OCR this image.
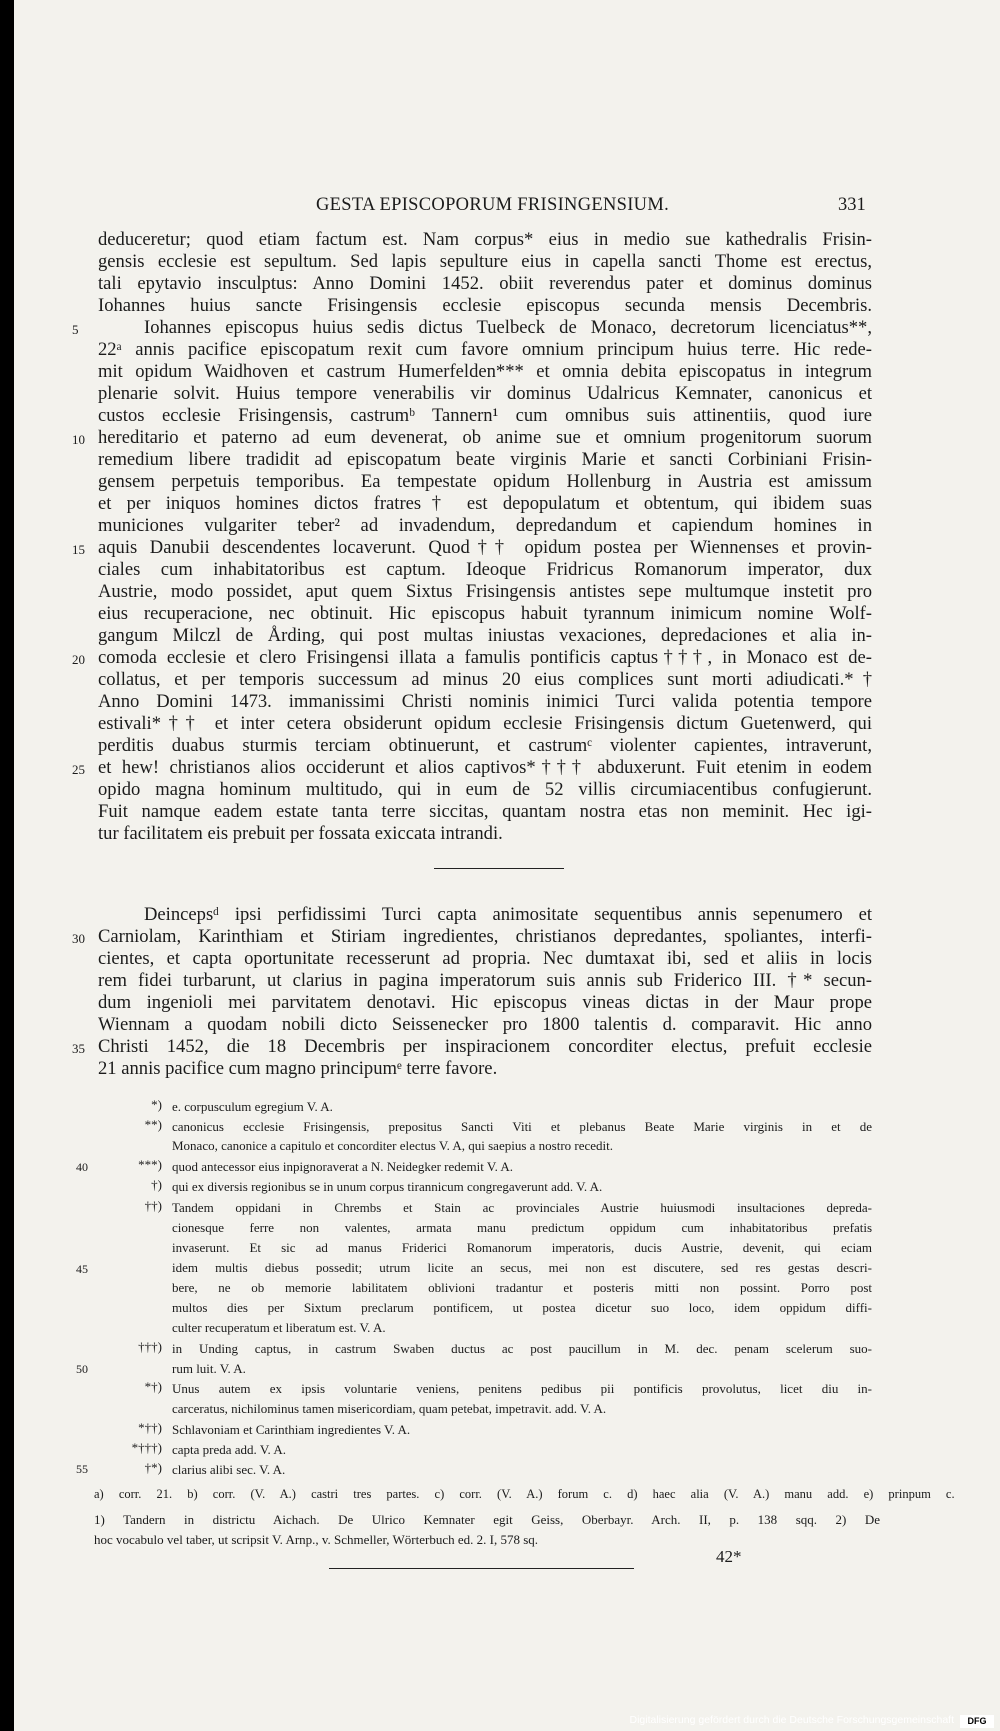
GESTA EPISCOPORUM FRISINGENSIUM.	331
deduceretur; quod etiam factum est. Nam corpus* eius in medio sue kathedralis Frisin-
gensis ecclesie est sepultum. Sed lapis sepulture eius in capella sancti Thome est erectus,
tali epytavio insculptus: Anno Domini 1452. obiit reverendus pater et dominus dominus
Iohannes huius sancte Frisingensis ecclesie episcopus secunda mensis Decembris.
Iohannes episcopus huius sedis dictus Tuelbeck de Monaco, decretorum licenciatus**,
22ᵃ annis pacifice episcopatum rexit cum favore omnium principum huius terre. Hic rede-
mit opidum Waidhoven et castrum Humerfelden*** et omnia debita episcopatus in integrum
plenarie solvit. Huius tempore venerabilis vir dominus Udalricus Kemnater, canonicus et
custos ecclesie Frisingensis, castrumᵇ Tannern¹ cum omnibus suis attinentiis, quod iure
hereditario et paterno ad eum devenerat, ob anime sue et omnium progenitorum suorum
remedium libere tradidit ad episcopatum beate virginis Marie et sancti Corbiniani Frisin-
gensem perpetuis temporibus. Ea tempestate opidum Hollenburg in Austria est amissum
et per iniquos homines dictos fratres† est depopulatum et obtentum, qui ibidem suas
municiones vulgariter teber² ad invadendum, depredandum et capiendum homines in
aquis Danubii descendentes locaverunt. Quod†† opidum postea per Wiennenses et provin-
ciales cum inhabitatoribus est captum. Ideoque Fridricus Romanorum imperator, dux
Austrie, modo possidet, aput quem Sixtus Frisingensis antistes sepe multumque instetit pro
eius recuperacione, nec obtinuit. Hic episcopus habuit tyrannum inimicum nomine Wolf-
gangum Milczl de Årding, qui post multas iniustas vexaciones, depredaciones et alia in-
comoda ecclesie et clero Frisingensi illata a famulis pontificis captus†††, in Monaco est de-
collatus, et per temporis successum ad minus 20 eius complices sunt morti adiudicati.*†
Anno Domini 1473. immanissimi Christi nominis inimici Turci valida potentia tempore
estivali*†† et inter cetera obsiderunt opidum ecclesie Frisingensis dictum Guetenwerd, qui
perditis duabus sturmis terciam obtinuerunt, et castrumᶜ violenter capientes, intraverunt,
et hew! christianos alios occiderunt et alios captivos*††† abduxerunt. Fuit etenim in eodem
opido magna hominum multitudo, qui in eum de 52 villis circumiacentibus confugierunt.
Fuit namque eadem estate tanta terre siccitas, quantam nostra etas non meminit. Hec igi-
tur facilitatem eis prebuit per fossata exiccata intrandi.
Deincepsᵈ ipsi perfidissimi Turci capta animositate sequentibus annis sepenumero et
Carniolam, Karinthiam et Stiriam ingredientes, christianos depredantes, spoliantes, interfi-
cientes, et capta oportunitate recesserunt ad propria. Nec dumtaxat ibi, sed et aliis in locis
rem fidei turbarunt, ut clarius in pagina imperatorum suis annis sub Friderico III. †* secun-
dum ingenioli mei parvitatem denotavi. Hic episcopus vineas dictas in der Maur prope
Wiennam a quodam nobili dicto Seissenecker pro 1800 talentis d. comparavit. Hic anno
Christi 1452, die 18 Decembris per inspiracionem concorditer electus, prefuit ecclesie
21 annis pacifice cum magno principumᵉ terre favore.
5
10
15
20
25
30
35
*) e. corpusculum egregium V. A.
**) canonicus ecclesie Frisingensis, prepositus Sancti Viti et plebanus Beate Marie virginis in et de
Monaco, canonice a capitulo et concorditer electus V. A, qui saepius a nostro recedit.
***) quod antecessor eius inpignoraverat a N. Neidegker redemit V. A.
†) qui ex diversis regionibus se in unum corpus tirannicum congregaverunt add. V. A.
††) Tandem oppidani in Chrembs et Stain ac provinciales Austrie huiusmodi insultaciones depreda-
cionesque ferre non valentes, armata manu predictum oppidum cum inhabitatoribus prefatis
invaserunt. Et sic ad manus Friderici Romanorum imperatoris, ducis Austrie, devenit, qui eciam
idem multis diebus possedit; utrum licite an secus, mei non est discutere, sed res gestas descri-
bere, ne ob memorie labilitatem oblivioni tradantur et posteris mitti non possint. Porro post
multos dies per Sixtum preclarum pontificem, ut postea dicetur suo loco, idem oppidum diffi-
culter recuperatum et liberatum est. V. A.
†††) in Unding captus, in castrum Swaben ductus ac post paucillum in M. dec. penam scelerum suo-
rum luit. V. A.
*†) Unus autem ex ipsis voluntarie veniens, penitens pedibus pii pontificis provolutus, licet diu in-
carceratus, nichilominus tamen misericordiam, quam petebat, impetravit. add. V. A.
*††) Schlavoniam et Carinthiam ingredientes V. A.
*†††) capta preda add. V. A.
†*) clarius alibi sec. V. A.
40
45
50
55
a) corr. 21. b) corr. (V. A.) castri tres partes. c) corr. (V. A.) forum c. d) haec alia (V. A.) manu add. e) prinpum c.
1) Tandern in districtu Aichach. De Ulrico Kemnater egit Geiss, Oberbayr. Arch. II, p. 138 sqq. 2) De
hoc vocabulo vel taber, ut scripsit V. Arnp., v. Schmeller, Wörterbuch ed. 2. I, 578 sq.
42*
Digitalisierung gefördert durch die Deutsche Forschungsgemeinschaft	DFG
